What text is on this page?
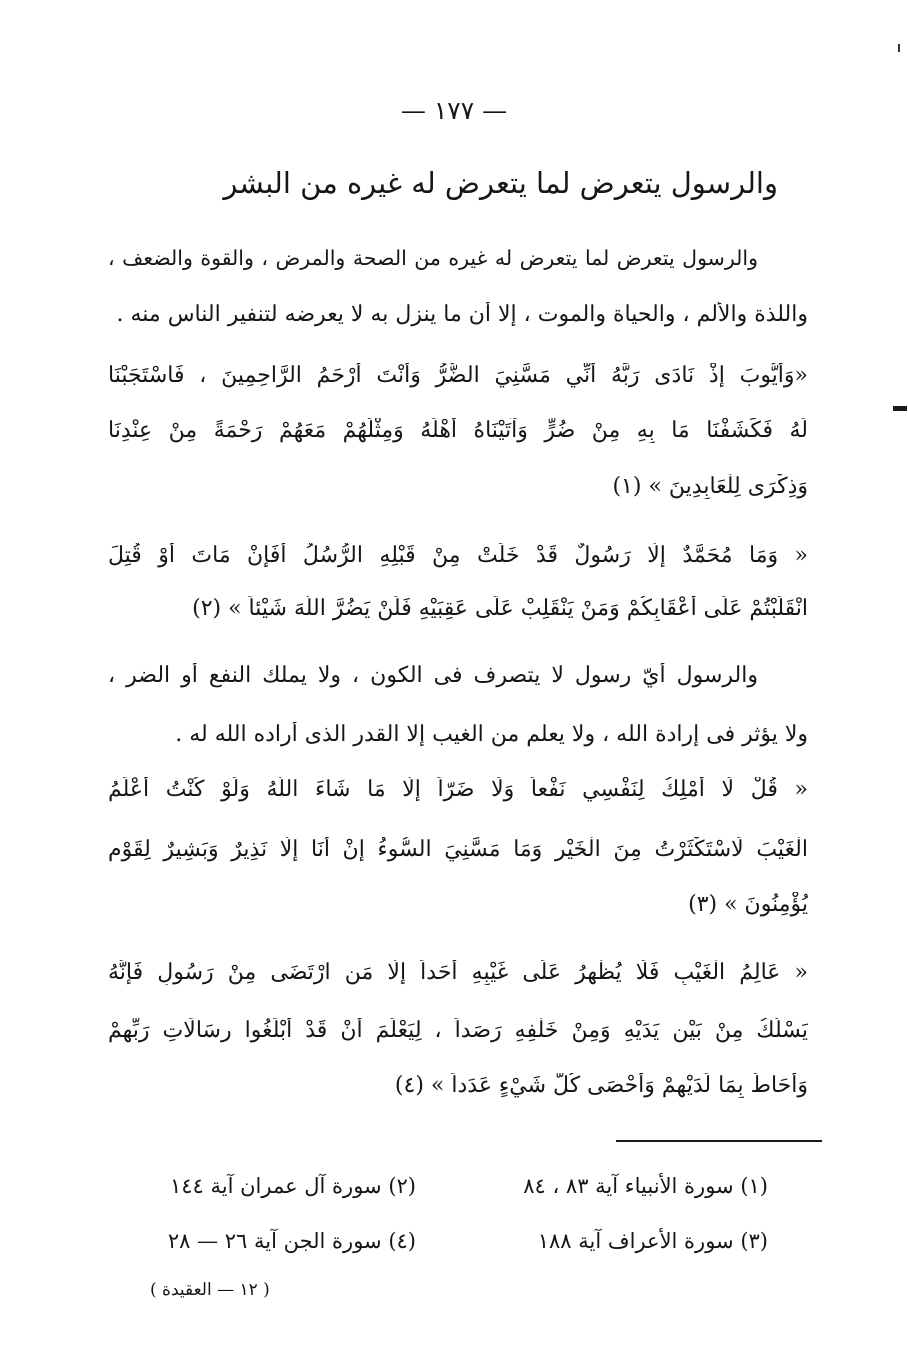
— ١٧٧ —
والرسول يتعرض لما يتعرض له غيره من البشر
والرسول يتعرض لما يتعرض له غيره من الصحة والمرض ، والقوة والضعف ،
واللذة والألم ، والحياة والموت ، إلا أن ما ينزل به لا يعرضه لتنفير الناس منه .
«وَأَيُّوبَ إِذْ نَادَى رَبَّهُ أَنِّي مَسَّنِيَ الضُّرُّ وَأَنْتَ أَرْحَمُ الرَّاحِمِينَ ، فَاسْتَجَبْنَا
لَهُ فَكَشَفْنَا مَا بِهِ مِنْ ضُرٍّ وَآتَيْنَاهُ أَهْلَهُ وَمِثْلَهُمْ مَعَهُمْ رَحْمَةً مِنْ عِنْدِنَا
وَذِكْرَى لِلْعَابِدِينَ » (١)
« وَمَا مُحَمَّدٌ إِلَّا رَسُولٌ قَدْ خَلَتْ مِنْ قَبْلِهِ الرُّسُلُ أَفَإِنْ مَاتَ أَوْ قُتِلَ
انْقَلَبْتُمْ عَلَى أَعْقَابِكُمْ وَمَنْ يَنْقَلِبْ عَلَى عَقِبَيْهِ فَلَنْ يَضُرَّ اللَّهَ شَيْئاً » (٢)
والرسول أيّ رسول لا يتصرف فى الكون ، ولا يملك النفع أو الضر ،
ولا يؤثر فى إرادة الله ، ولا يعلم من الغيب إلا القدر الذى أراده الله له .
« قُلْ لَا أَمْلِكُ لِنَفْسِي نَفْعاً وَلَا ضَرّاً إِلَّا مَا شَاءَ اللَّهُ وَلَوْ كُنْتُ أَعْلَمُ
الْغَيْبَ لَاسْتَكْثَرْتُ مِنَ الْخَيْرِ وَمَا مَسَّنِيَ السُّوءُ إِنْ أَنَا إِلَّا نَذِيرٌ وَبَشِيرٌ لِقَوْمٍ
يُؤْمِنُونَ » (٣)
« عَالِمُ الْغَيْبِ فَلَا يُظْهِرُ عَلَى غَيْبِهِ أَحَداً إِلَّا مَنِ ارْتَضَى مِنْ رَسُولٍ فَإِنَّهُ
يَسْلُكُ مِنْ بَيْنِ يَدَيْهِ وَمِنْ خَلْفِهِ رَصَداً ، لِيَعْلَمَ أَنْ قَدْ أَبْلَغُوا رِسَالَاتِ رَبِّهِمْ
وَأَحَاطَ بِمَا لَدَيْهِمْ وَأَحْصَى كُلَّ شَيْءٍ عَدَداً » (٤)
(١) سورة الأنبياء آية ٨٣ ، ٨٤
(٢) سورة آل عمران آية ١٤٤
(٣) سورة الأعراف آية ١٨٨
(٤) سورة الجن آية ٢٦ — ٢٨
( ١٢ — العقيدة )
